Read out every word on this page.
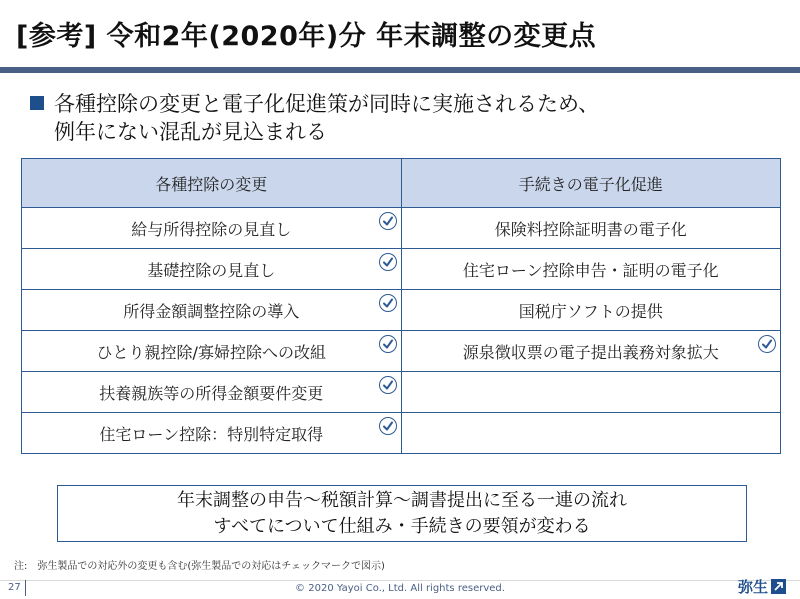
[参考] 令和2年(2020年)分 年末調整の変更点
各種控除の変更と電子化促進策が同時に実施されるため、
例年にない混乱が見込まれる
各種控除の変更	手続きの電子化促進
給与所得控除の見直し	保険料控除証明書の電子化
基礎控除の見直し	住宅ローン控除申告・証明の電子化
所得金額調整控除の導入	国税庁ソフトの提供
ひとり親控除/寡婦控除への改組	源泉徴収票の電子提出義務対象拡大
扶養親族等の所得金額要件変更
住宅ローン控除：特別特定取得
年末調整の申告～税額計算～調書提出に至る一連の流れ
すべてについて仕組み・手続きの要領が変わる
注: 弥生製品での対応外の変更も含む(弥生製品での対応はチェックマークで図示)
27	© 2020 Yayoi Co., Ltd. All rights reserved.	弥生
